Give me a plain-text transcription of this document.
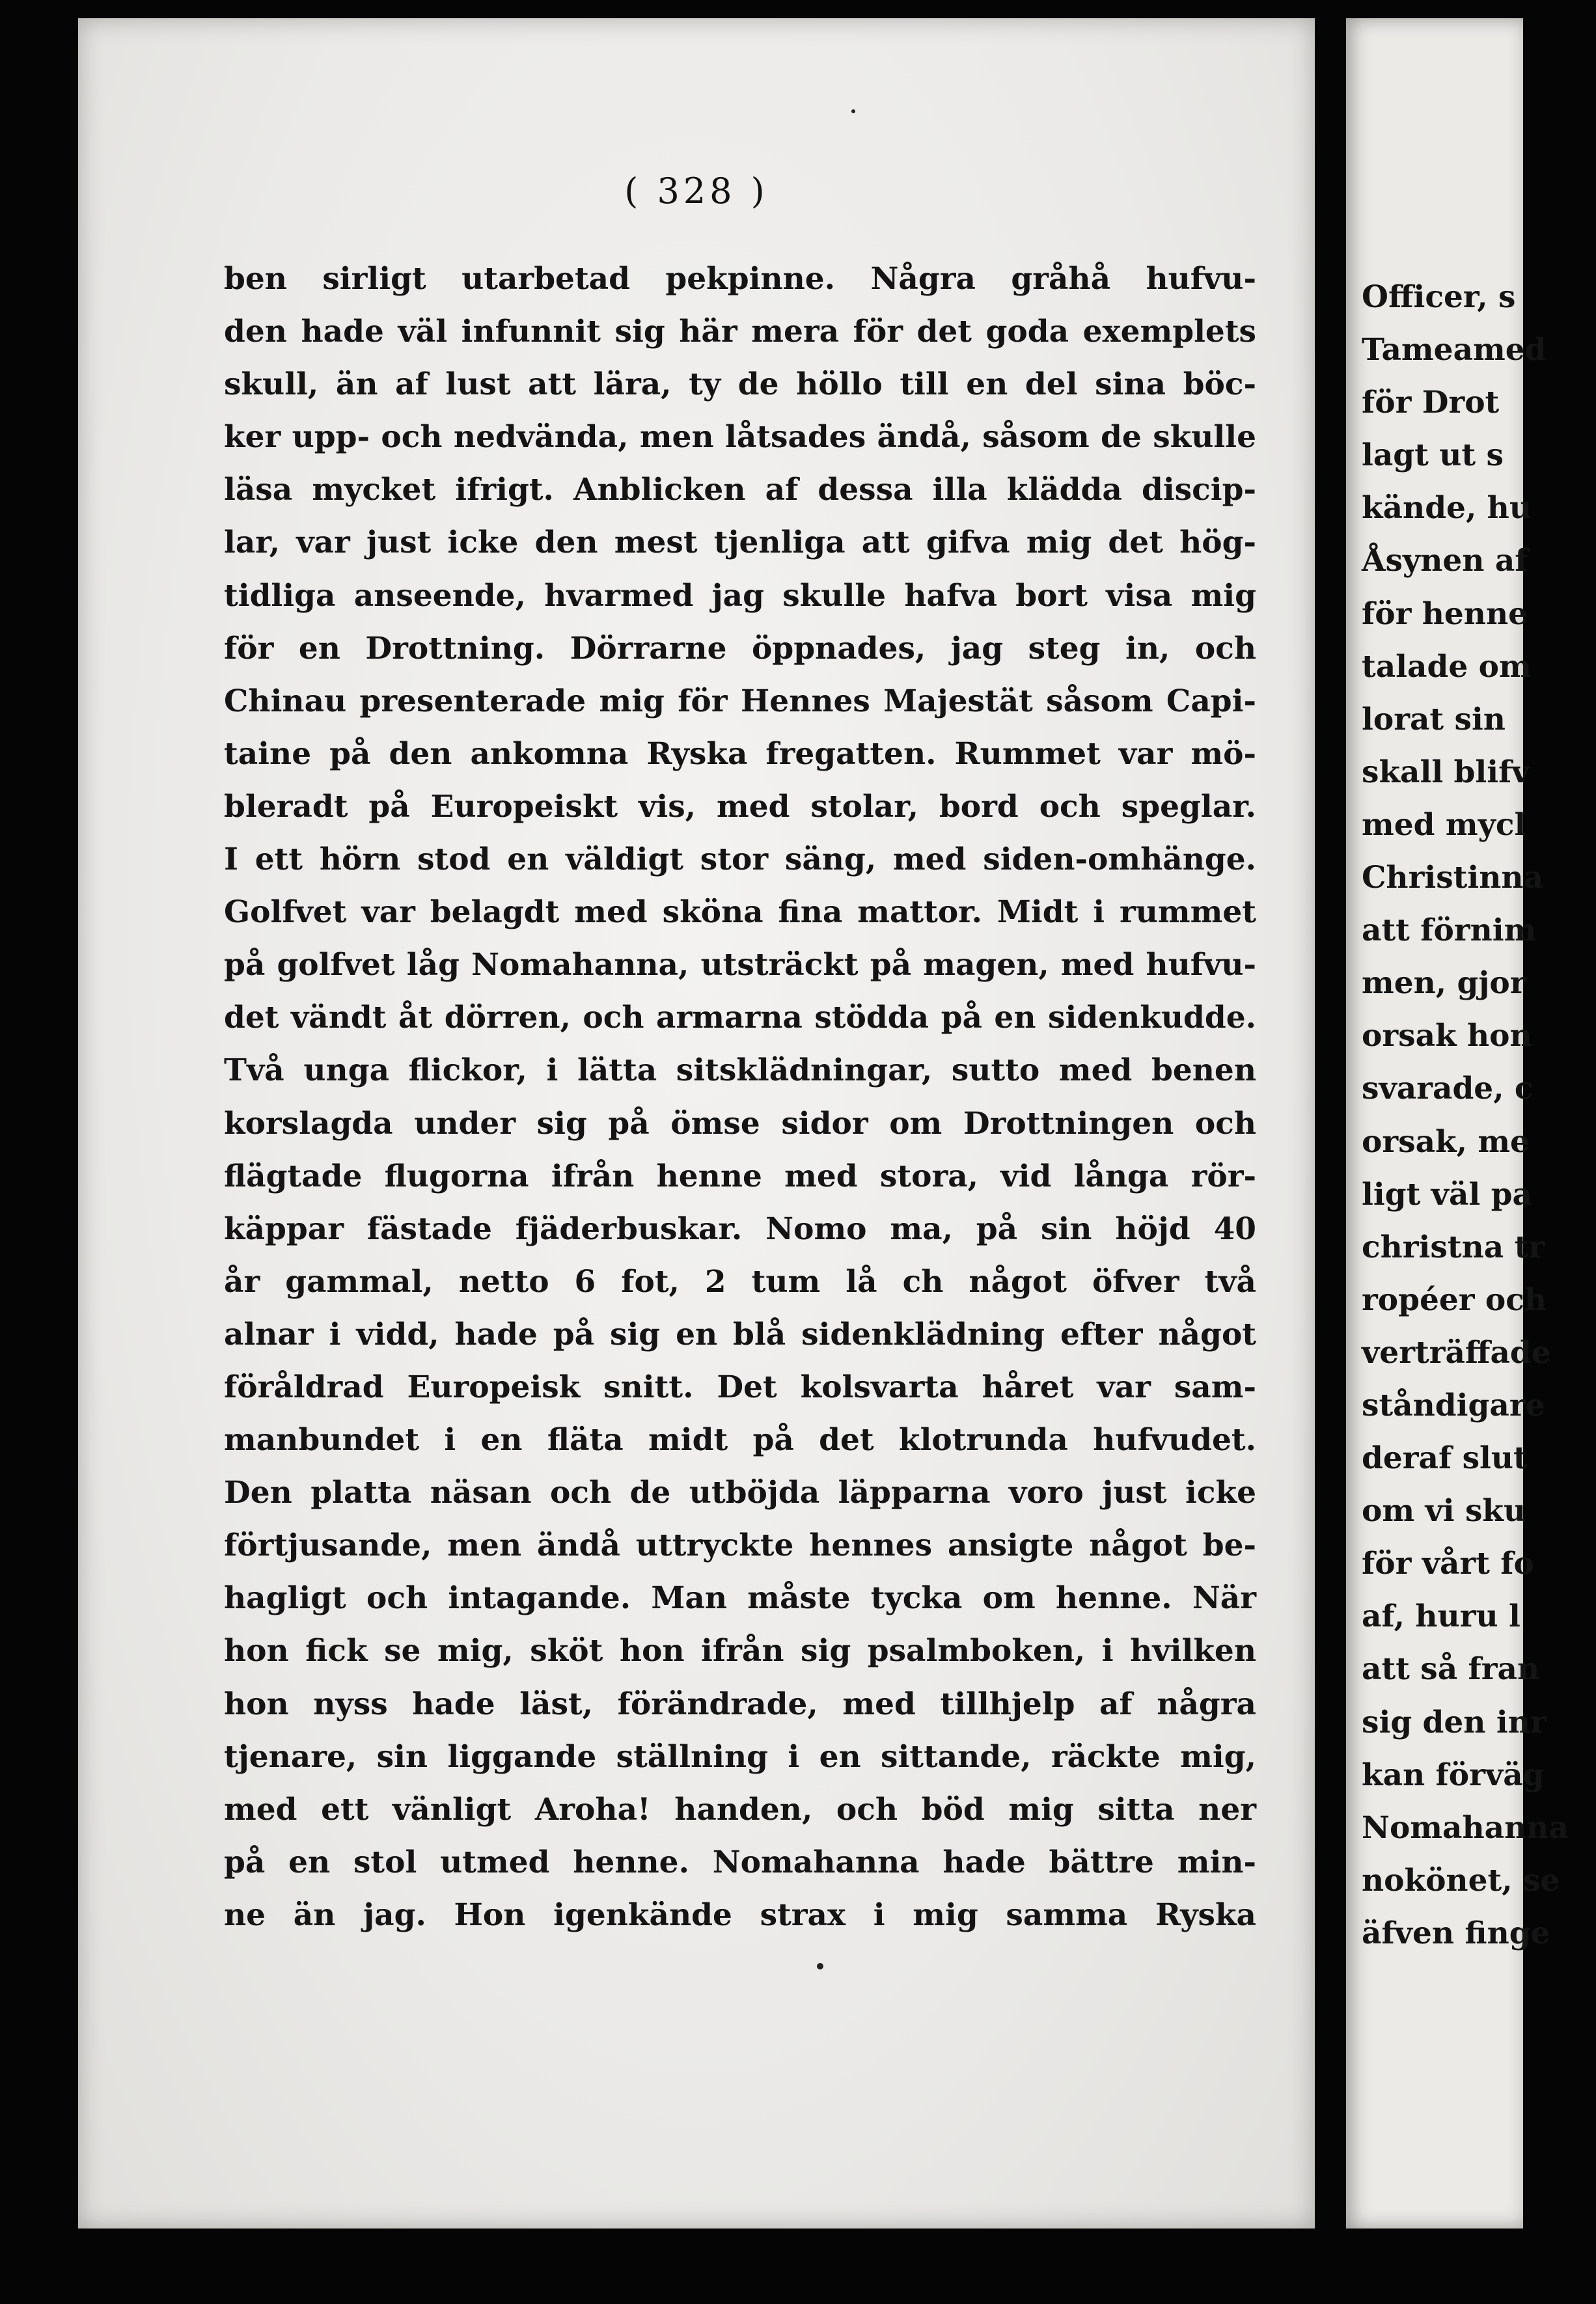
( 328 )
ben sirligt utarbetad pekpinne. Några gråhå hufvu-
den hade väl infunnit sig här mera för det goda exemplets
skull, än af lust att lära, ty de höllo till en del sina böc-
ker upp- och nedvända, men låtsades ändå, såsom de skulle
läsa mycket ifrigt. Anblicken af dessa illa klädda discip-
lar, var just icke den mest tjenliga att gifva mig det hög-
tidliga anseende, hvarmed jag skulle hafva bort visa mig
för en Drottning. Dörrarne öppnades, jag steg in, och
Chinau presenterade mig för Hennes Majestät såsom Capi-
taine på den ankomna Ryska fregatten. Rummet var mö-
bleradt på Europeiskt vis, med stolar, bord och speglar.
I ett hörn stod en väldigt stor säng, med siden-omhänge.
Golfvet var belagdt med sköna fina mattor. Midt i rummet
på golfvet låg Nomahanna, utsträckt på magen, med hufvu-
det vändt åt dörren, och armarna stödda på en sidenkudde.
Två unga flickor, i lätta sitsklädningar, sutto med benen
korslagda under sig på ömse sidor om Drottningen och
flägtade flugorna ifrån henne med stora, vid långa rör-
käppar fästade fjäderbuskar. Nomo ma, på sin höjd 40
år gammal, netto 6 fot, 2 tum lå ch något öfver två
alnar i vidd, hade på sig en blå sidenklädning efter något
föråldrad Europeisk snitt. Det kolsvarta håret var sam-
manbundet i en fläta midt på det klotrunda hufvudet.
Den platta näsan och de utböjda läpparna voro just icke
förtjusande, men ändå uttryckte hennes ansigte något be-
hagligt och intagande. Man måste tycka om henne. När
hon fick se mig, sköt hon ifrån sig psalmboken, i hvilken
hon nyss hade läst, förändrade, med tillhjelp af några
tjenare, sin liggande ställning i en sittande, räckte mig,
med ett vänligt Aroha! handen, och böd mig sitta ner
på en stol utmed henne. Nomahanna hade bättre min-
ne än jag. Hon igenkände strax i mig samma Ryska
Officer, s
Tameamed
för Drot
lagt ut s
kände, hu
Åsynen af
för henne
talade om
lorat sin
skall blifv
med mycl
Christinna
att förnim
men, gjor
orsak hon
svarade, c
orsak, me
ligt väl pa
christna tr
ropéer och
verträffade
ståndigare
deraf slut
om vi sku
för vårt fo
af, huru l
att så fran
sig den inr
kan förväg
Nomahanna
nokönet, se
äfven finge
